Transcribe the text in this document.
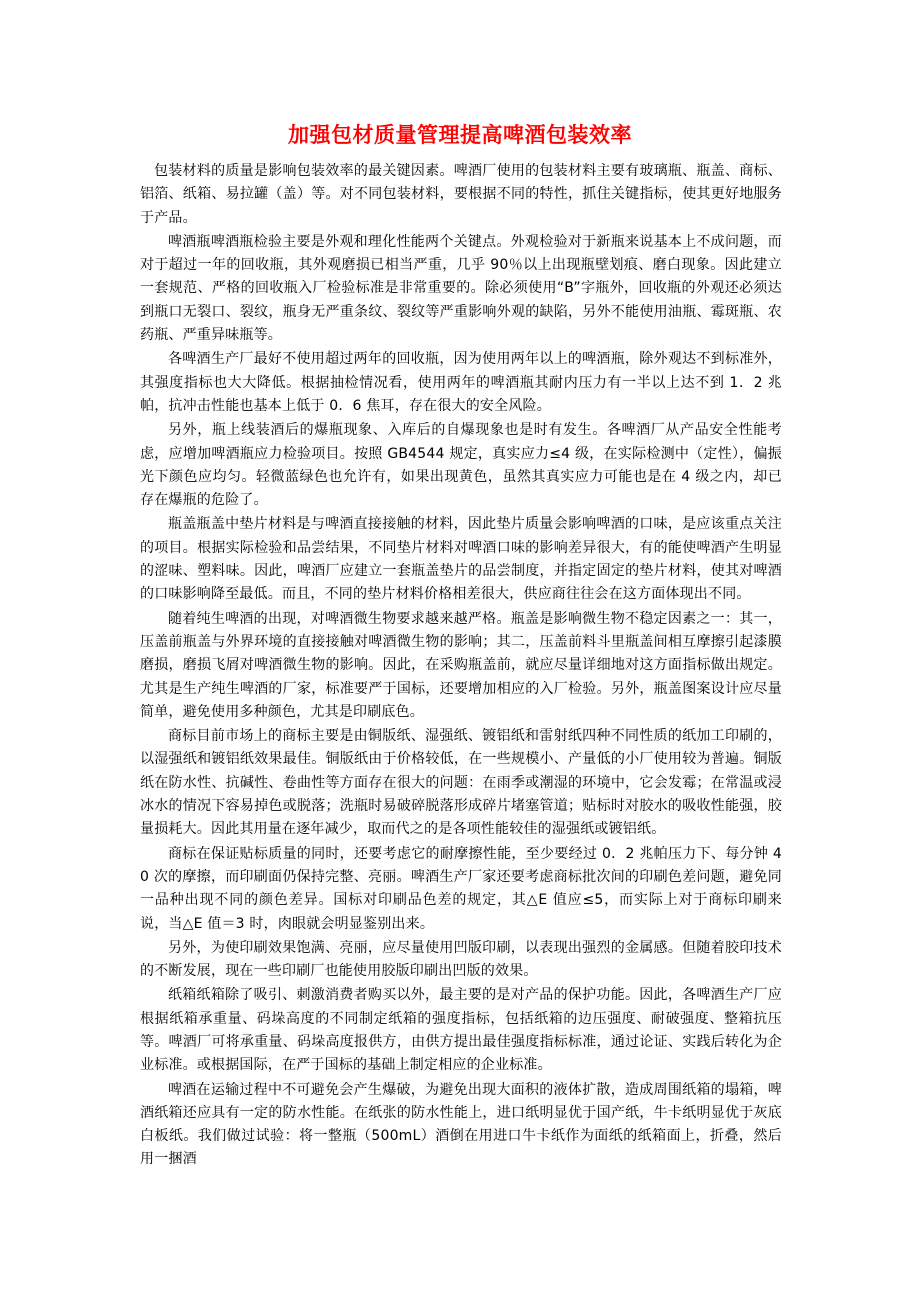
加强包材质量管理提高啤酒包装效率

包装材料的质量是影响包装效率的最关键因素。啤酒厂使用的包装材料主要有玻璃瓶、瓶盖、商标、铝箔、纸箱、易拉罐（盖）等。对不同包装材料，要根据不同的特性，抓住关键指标，使其更好地服务于产品。

啤酒瓶啤酒瓶检验主要是外观和理化性能两个关键点。外观检验对于新瓶来说基本上不成问题，而对于超过一年的回收瓶，其外观磨损已相当严重，几乎 90％以上出现瓶壁划痕、磨白现象。因此建立一套规范、严格的回收瓶入厂检验标准是非常重要的。除必须使用“B”字瓶外，回收瓶的外观还必须达到瓶口无裂口、裂纹，瓶身无严重条纹、裂纹等严重影响外观的缺陷，另外不能使用油瓶、霉斑瓶、农药瓶、严重异味瓶等。

各啤酒生产厂最好不使用超过两年的回收瓶，因为使用两年以上的啤酒瓶，除外观达不到标准外，其强度指标也大大降低。根据抽检情况看，使用两年的啤酒瓶其耐内压力有一半以上达不到 1．2 兆帕，抗冲击性能也基本上低于 0．6 焦耳，存在很大的安全风险。

另外，瓶上线装酒后的爆瓶现象、入库后的自爆现象也是时有发生。各啤酒厂从产品安全性能考虑，应增加啤酒瓶应力检验项目。按照 GB4544 规定，真实应力≤4 级，在实际检测中（定性），偏振光下颜色应均匀。轻微蓝绿色也允许有，如果出现黄色，虽然其真实应力可能也是在 4 级之内，却已存在爆瓶的危险了。

瓶盖瓶盖中垫片材料是与啤酒直接接触的材料，因此垫片质量会影响啤酒的口味，是应该重点关注的项目。根据实际检验和品尝结果，不同垫片材料对啤酒口味的影响差异很大，有的能使啤酒产生明显的涩味、塑料味。因此，啤酒厂应建立一套瓶盖垫片的品尝制度，并指定固定的垫片材料，使其对啤酒的口味影响降至最低。而且，不同的垫片材料价格相差很大，供应商往往会在这方面体现出不同。

随着纯生啤酒的出现，对啤酒微生物要求越来越严格。瓶盖是影响微生物不稳定因素之一：其一，压盖前瓶盖与外界环境的直接接触对啤酒微生物的影响；其二，压盖前料斗里瓶盖间相互摩擦引起漆膜磨损，磨损飞屑对啤酒微生物的影响。因此，在采购瓶盖前，就应尽量详细地对这方面指标做出规定。尤其是生产纯生啤酒的厂家，标准要严于国标，还要增加相应的入厂检验。另外，瓶盖图案设计应尽量简单，避免使用多种颜色，尤其是印刷底色。

商标目前市场上的商标主要是由铜版纸、湿强纸、镀铝纸和雷射纸四种不同性质的纸加工印刷的，以湿强纸和镀铝纸效果最佳。铜版纸由于价格较低，在一些规模小、产量低的小厂使用较为普遍。铜版纸在防水性、抗碱性、卷曲性等方面存在很大的问题：在雨季或潮湿的环境中，它会发霉；在常温或浸冰水的情况下容易掉色或脱落；洗瓶时易破碎脱落形成碎片堵塞管道；贴标时对胶水的吸收性能强，胶量损耗大。因此其用量在逐年减少，取而代之的是各项性能较佳的湿强纸或镀铝纸。

商标在保证贴标质量的同时，还要考虑它的耐摩擦性能，至少要经过 0．2 兆帕压力下、每分钟 40 次的摩擦，而印刷面仍保持完整、亮丽。啤酒生产厂家还要考虑商标批次间的印刷色差问题，避免同一品种出现不同的颜色差异。国标对印刷品色差的规定，其△E 值应≤5，而实际上对于商标印刷来说，当△E 值＝3 时，肉眼就会明显鉴别出来。

另外，为使印刷效果饱满、亮丽，应尽量使用凹版印刷，以表现出强烈的金属感。但随着胶印技术的不断发展，现在一些印刷厂也能使用胶版印刷出凹版的效果。

纸箱纸箱除了吸引、刺激消费者购买以外，最主要的是对产品的保护功能。因此，各啤酒生产厂应根据纸箱承重量、码垛高度的不同制定纸箱的强度指标，包括纸箱的边压强度、耐破强度、整箱抗压等。啤酒厂可将承重量、码垛高度报供方，由供方提出最佳强度指标标准，通过论证、实践后转化为企业标准。或根据国际，在严于国标的基础上制定相应的企业标准。

啤酒在运输过程中不可避免会产生爆破，为避免出现大面积的液体扩散，造成周围纸箱的塌箱，啤酒纸箱还应具有一定的防水性能。在纸张的防水性能上，进口纸明显优于国产纸，牛卡纸明显优于灰底白板纸。我们做过试验：将一整瓶（500mL）酒倒在用进口牛卡纸作为面纸的纸箱面上，折叠，然后用一捆酒
